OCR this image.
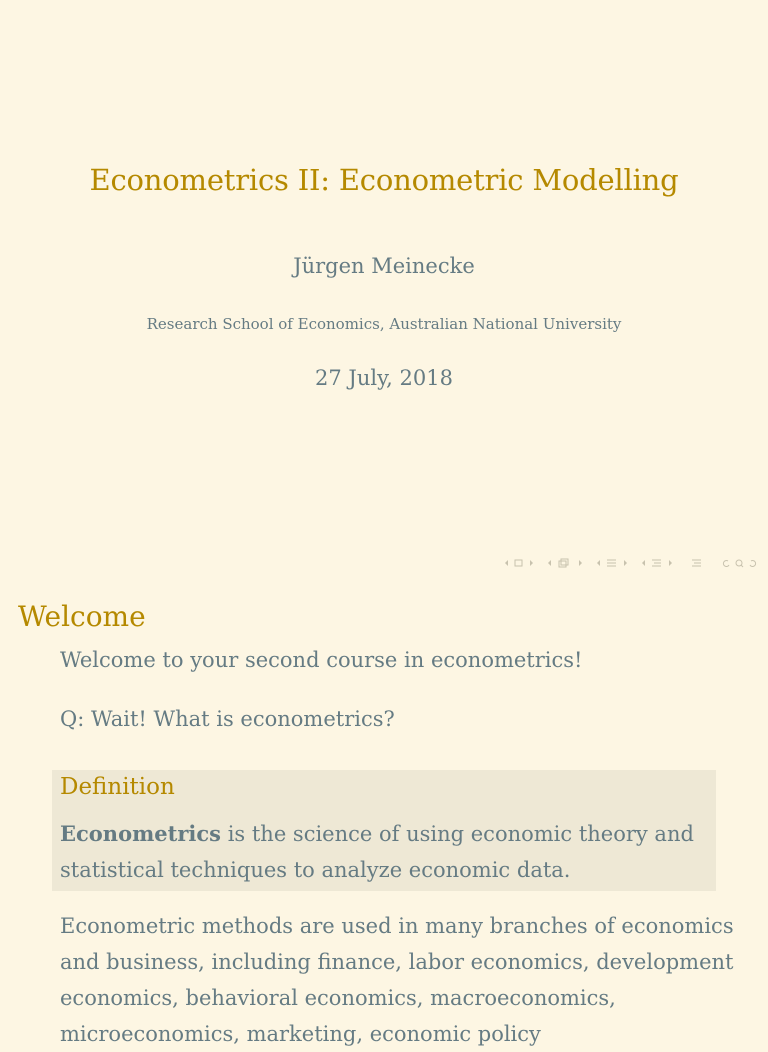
Econometrics II: Econometric Modelling
Jürgen Meinecke
Research School of Economics, Australian National University
27 July, 2018
Welcome
Welcome to your second course in econometrics!
Q: Wait! What is econometrics?
Definition
Econometrics is the science of using economic theory and statistical techniques to analyze economic data.
Econometric methods are used in many branches of economics and business, including finance, labor economics, development economics, behavioral economics, macroeconomics, microeconomics, marketing, economic policy
